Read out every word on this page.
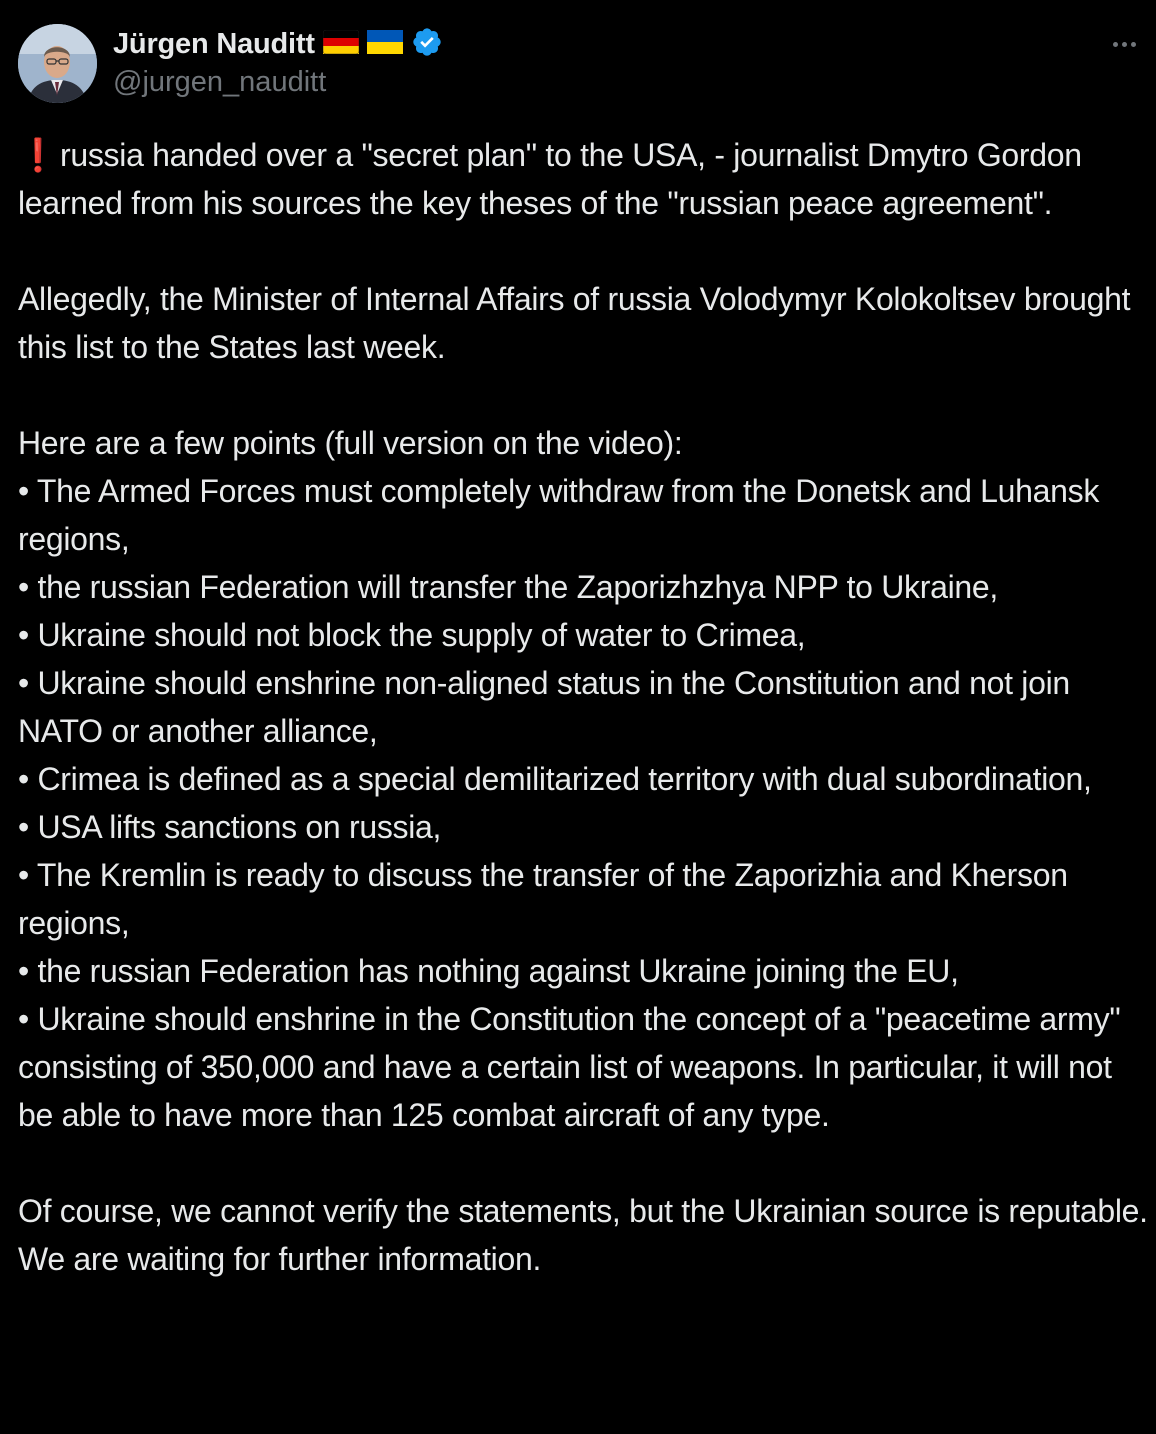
Jürgen Nauditt
@jurgen_nauditt

❗russia handed over a "secret plan" to the USA, - journalist Dmytro Gordon learned from his sources the key theses of the "russian peace agreement".

Allegedly, the Minister of Internal Affairs of russia Volodymyr Kolokoltsev brought this list to the States last week.

Here are a few points (full version on the video):

• The Armed Forces must completely withdraw from the Donetsk and Luhansk regions,

• the russian Federation will transfer the Zaporizhzhya NPP to Ukraine,

• Ukraine should not block the supply of water to Crimea,

• Ukraine should enshrine non-aligned status in the Constitution and not join NATO or another alliance,

• Crimea is defined as a special demilitarized territory with dual subordination,

• USA lifts sanctions on russia,

• The Kremlin is ready to discuss the transfer of the Zaporizhia and Kherson regions,

• the russian Federation has nothing against Ukraine joining the EU,

• Ukraine should enshrine in the Constitution the concept of a "peacetime army" consisting of 350,000 and have a certain list of weapons. In particular, it will not be able to have more than 125 combat aircraft of any type.

Of course, we cannot verify the statements, but the Ukrainian source is reputable. We are waiting for further information.
